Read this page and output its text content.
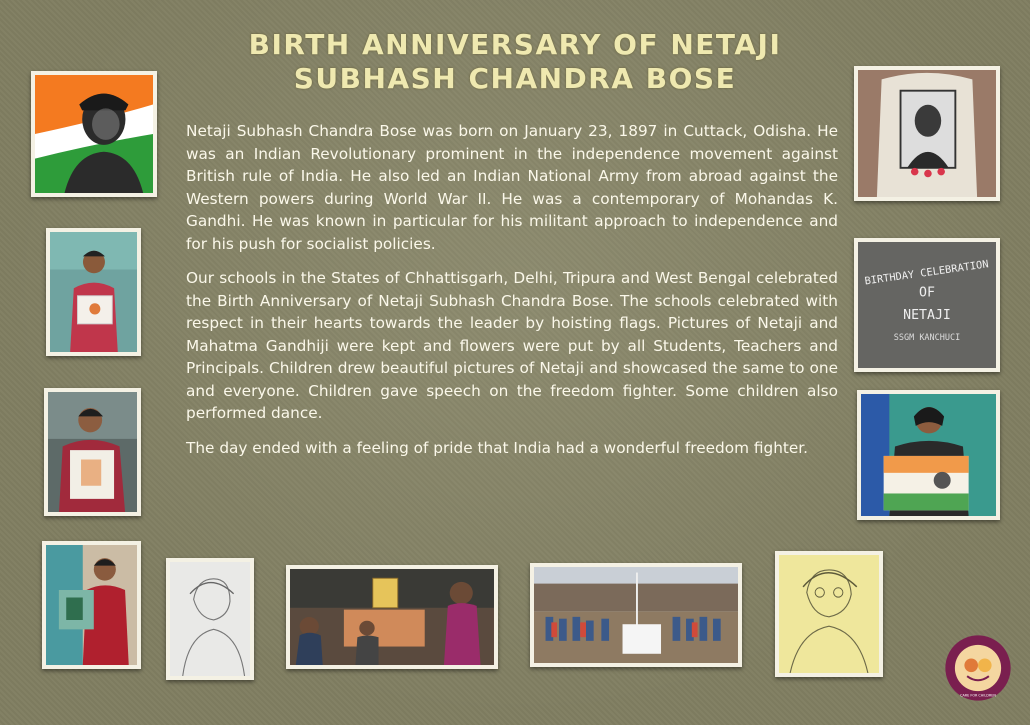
BIRTH ANNIVERSARY OF NETAJI
SUBHASH CHANDRA BOSE

Netaji Subhash Chandra Bose was born on January 23, 1897 in Cuttack, Odisha. He was an Indian Revolutionary prominent in the independence movement against British rule of India. He also led an Indian National Army from abroad against the Western powers during World War II. He was a contemporary of Mohandas K. Gandhi. He was known in particular for his militant approach to independence and for his push for socialist policies.

Our schools in the States of Chhattisgarh, Delhi, Tripura and West Bengal celebrated the Birth Anniversary of Netaji Subhash Chandra Bose. The schools celebrated with respect in their hearts towards the leader by hoisting flags. Pictures of Netaji and Mahatma Gandhiji were kept and flowers were put by all Students, Teachers and Principals. Children drew beautiful pictures of Netaji and showcased the same to one and everyone. Children gave speech on the freedom fighter. Some children also performed dance.

The day ended with a feeling of pride that India had a wonderful freedom fighter.

BIRTHDAY CELEBRATION
OF
NETAJI
SSGM KANCHUCI
CARE FOR CHILDREN
